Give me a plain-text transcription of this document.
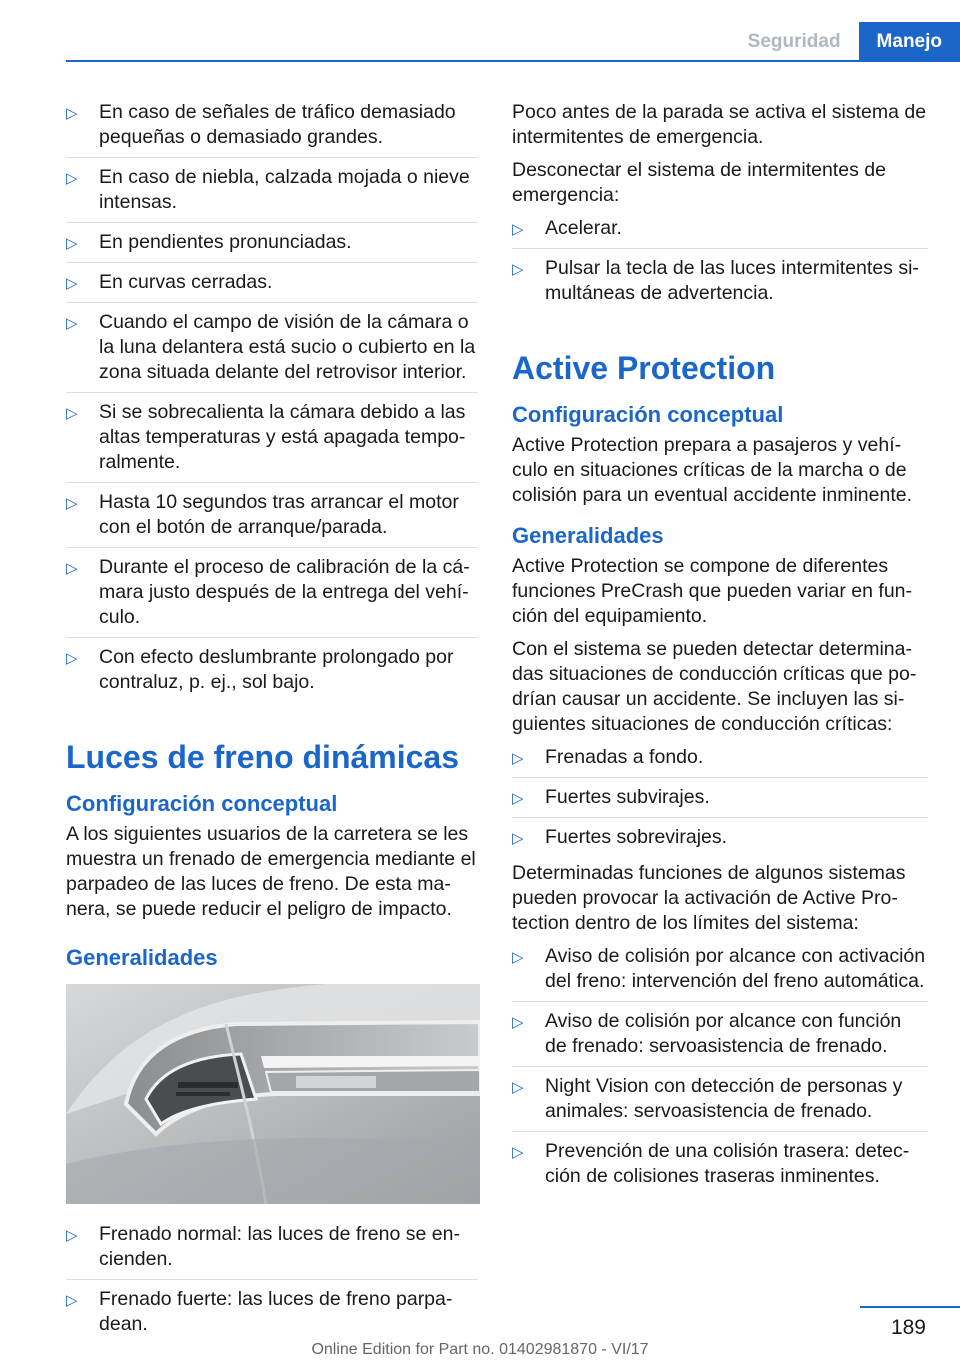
Seguridad	Manejo
▷ En caso de señales de tráfico demasiado pequeñas o demasiado grandes.
▷ En caso de niebla, calzada mojada o nieve intensas.
▷ En pendientes pronunciadas.
▷ En curvas cerradas.
▷ Cuando el campo de visión de la cámara o la luna delantera está sucio o cubierto en la zona situada delante del retrovisor interior.
▷ Si se sobrecalienta la cámara debido a las altas temperaturas y está apagada temporalmente.
▷ Hasta 10 segundos tras arrancar el motor con el botón de arranque/parada.
▷ Durante el proceso de calibración de la cámara justo después de la entrega del vehículo.
▷ Con efecto deslumbrante prolongado por contraluz, p. ej., sol bajo.
Luces de freno dinámicas
Configuración conceptual

A los siguientes usuarios de la carretera se les muestra un frenado de emergencia mediante el parpadeo de las luces de freno. De esta manera, se puede reducir el peligro de impacto.

Generalidades
▷ Frenado normal: las luces de freno se encienden.
▷ Frenado fuerte: las luces de freno parpadean.

Poco antes de la parada se activa el sistema de intermitentes de emergencia.

Desconectar el sistema de intermitentes de emergencia:

▷ Acelerar.
▷ Pulsar la tecla de las luces intermitentes simultáneas de advertencia.
Active Protection
Configuración conceptual

Active Protection prepara a pasajeros y vehículo en situaciones críticas de la marcha o de colisión para un eventual accidente inminente.

Generalidades

Active Protection se compone de diferentes funciones PreCrash que pueden variar en función del equipamiento.

Con el sistema se pueden detectar determinadas situaciones de conducción críticas que podrían causar un accidente. Se incluyen las siguientes situaciones de conducción críticas:

▷ Frenadas a fondo.
▷ Fuertes subvirajes.
▷ Fuertes sobrevirajes.

Determinadas funciones de algunos sistemas pueden provocar la activación de Active Protection dentro de los límites del sistema:

▷ Aviso de colisión por alcance con activación del freno: intervención del freno automática.
▷ Aviso de colisión por alcance con función de frenado: servoasistencia de frenado.
▷ Night Vision con detección de personas y animales: servoasistencia de frenado.
▷ Prevención de una colisión trasera: detección de colisiones traseras inminentes.
189
Online Edition for Part no. 01402981870 - VI/17
